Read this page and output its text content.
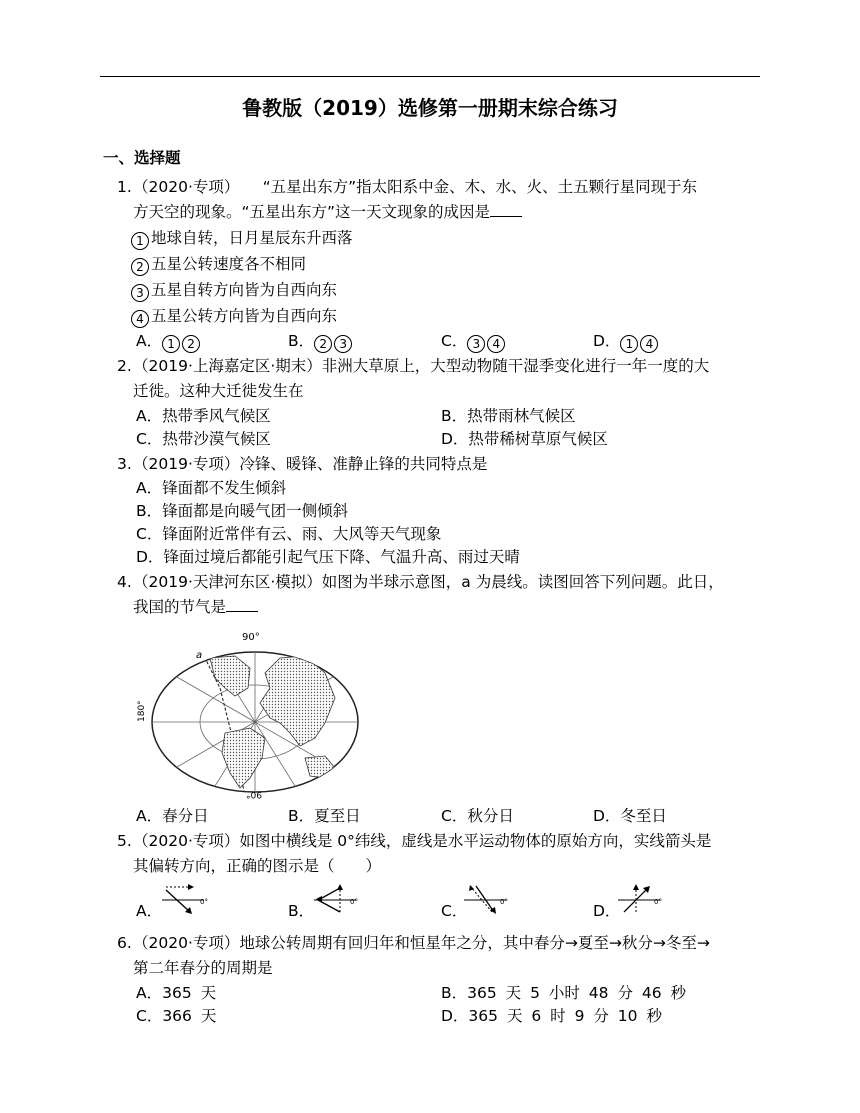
鲁教版（2019）选修第一册期末综合练习
一、选择题
1. （2020·专项）　　“五星出东方”指太阳系中金、木、水、火、土五颗行星同现于东
方天空的现象。“五星出东方”这一天文现象的成因是
1 地球自转，日月星辰东升西落
2 五星公转速度各不相同
3 五星自转方向皆为自西向东
4 五星公转方向皆为自西向东
A． 1 2	B． 2 3	C． 3 4	D． 1 4
2. （2019·上海嘉定区·期末）非洲大草原上，大型动物随干湿季变化进行一年一度的大
迁徙。这种大迁徙发生在
A．热带季风气候区	B．热带雨林气候区
C．热带沙漠气候区	D．热带稀树草原气候区
3. （2019·专项）冷锋、暖锋、准静止锋的共同特点是
A．锋面都不发生倾斜
B．锋面都是向暖气团一侧倾斜
C．锋面附近常伴有云、雨、大风等天气现象
D．锋面过境后都能引起气压下降、气温升高、雨过天晴
4. （2019·天津河东区·模拟）如图为半球示意图，a 为晨线。读图回答下列问题。此日，
我国的节气是
90°
180°
90°
a
A．春分日	B．夏至日	C．秋分日	D．冬至日
5. （2020·专项）如图中横线是 0°纬线，虚线是水平运动物体的原始方向，实线箭头是
其偏转方向，正确的图示是（　　）
A．	0°	B．	0°	C．	0°	D．	0°
6. （2020·专项）地球公转周期有回归年和恒星年之分，其中春分→夏至→秋分→冬至→
第二年春分的周期是
A．365 天	B．365 天 5 小时 48 分 46 秒
C．366 天	D．365 天 6 时 9 分 10 秒
